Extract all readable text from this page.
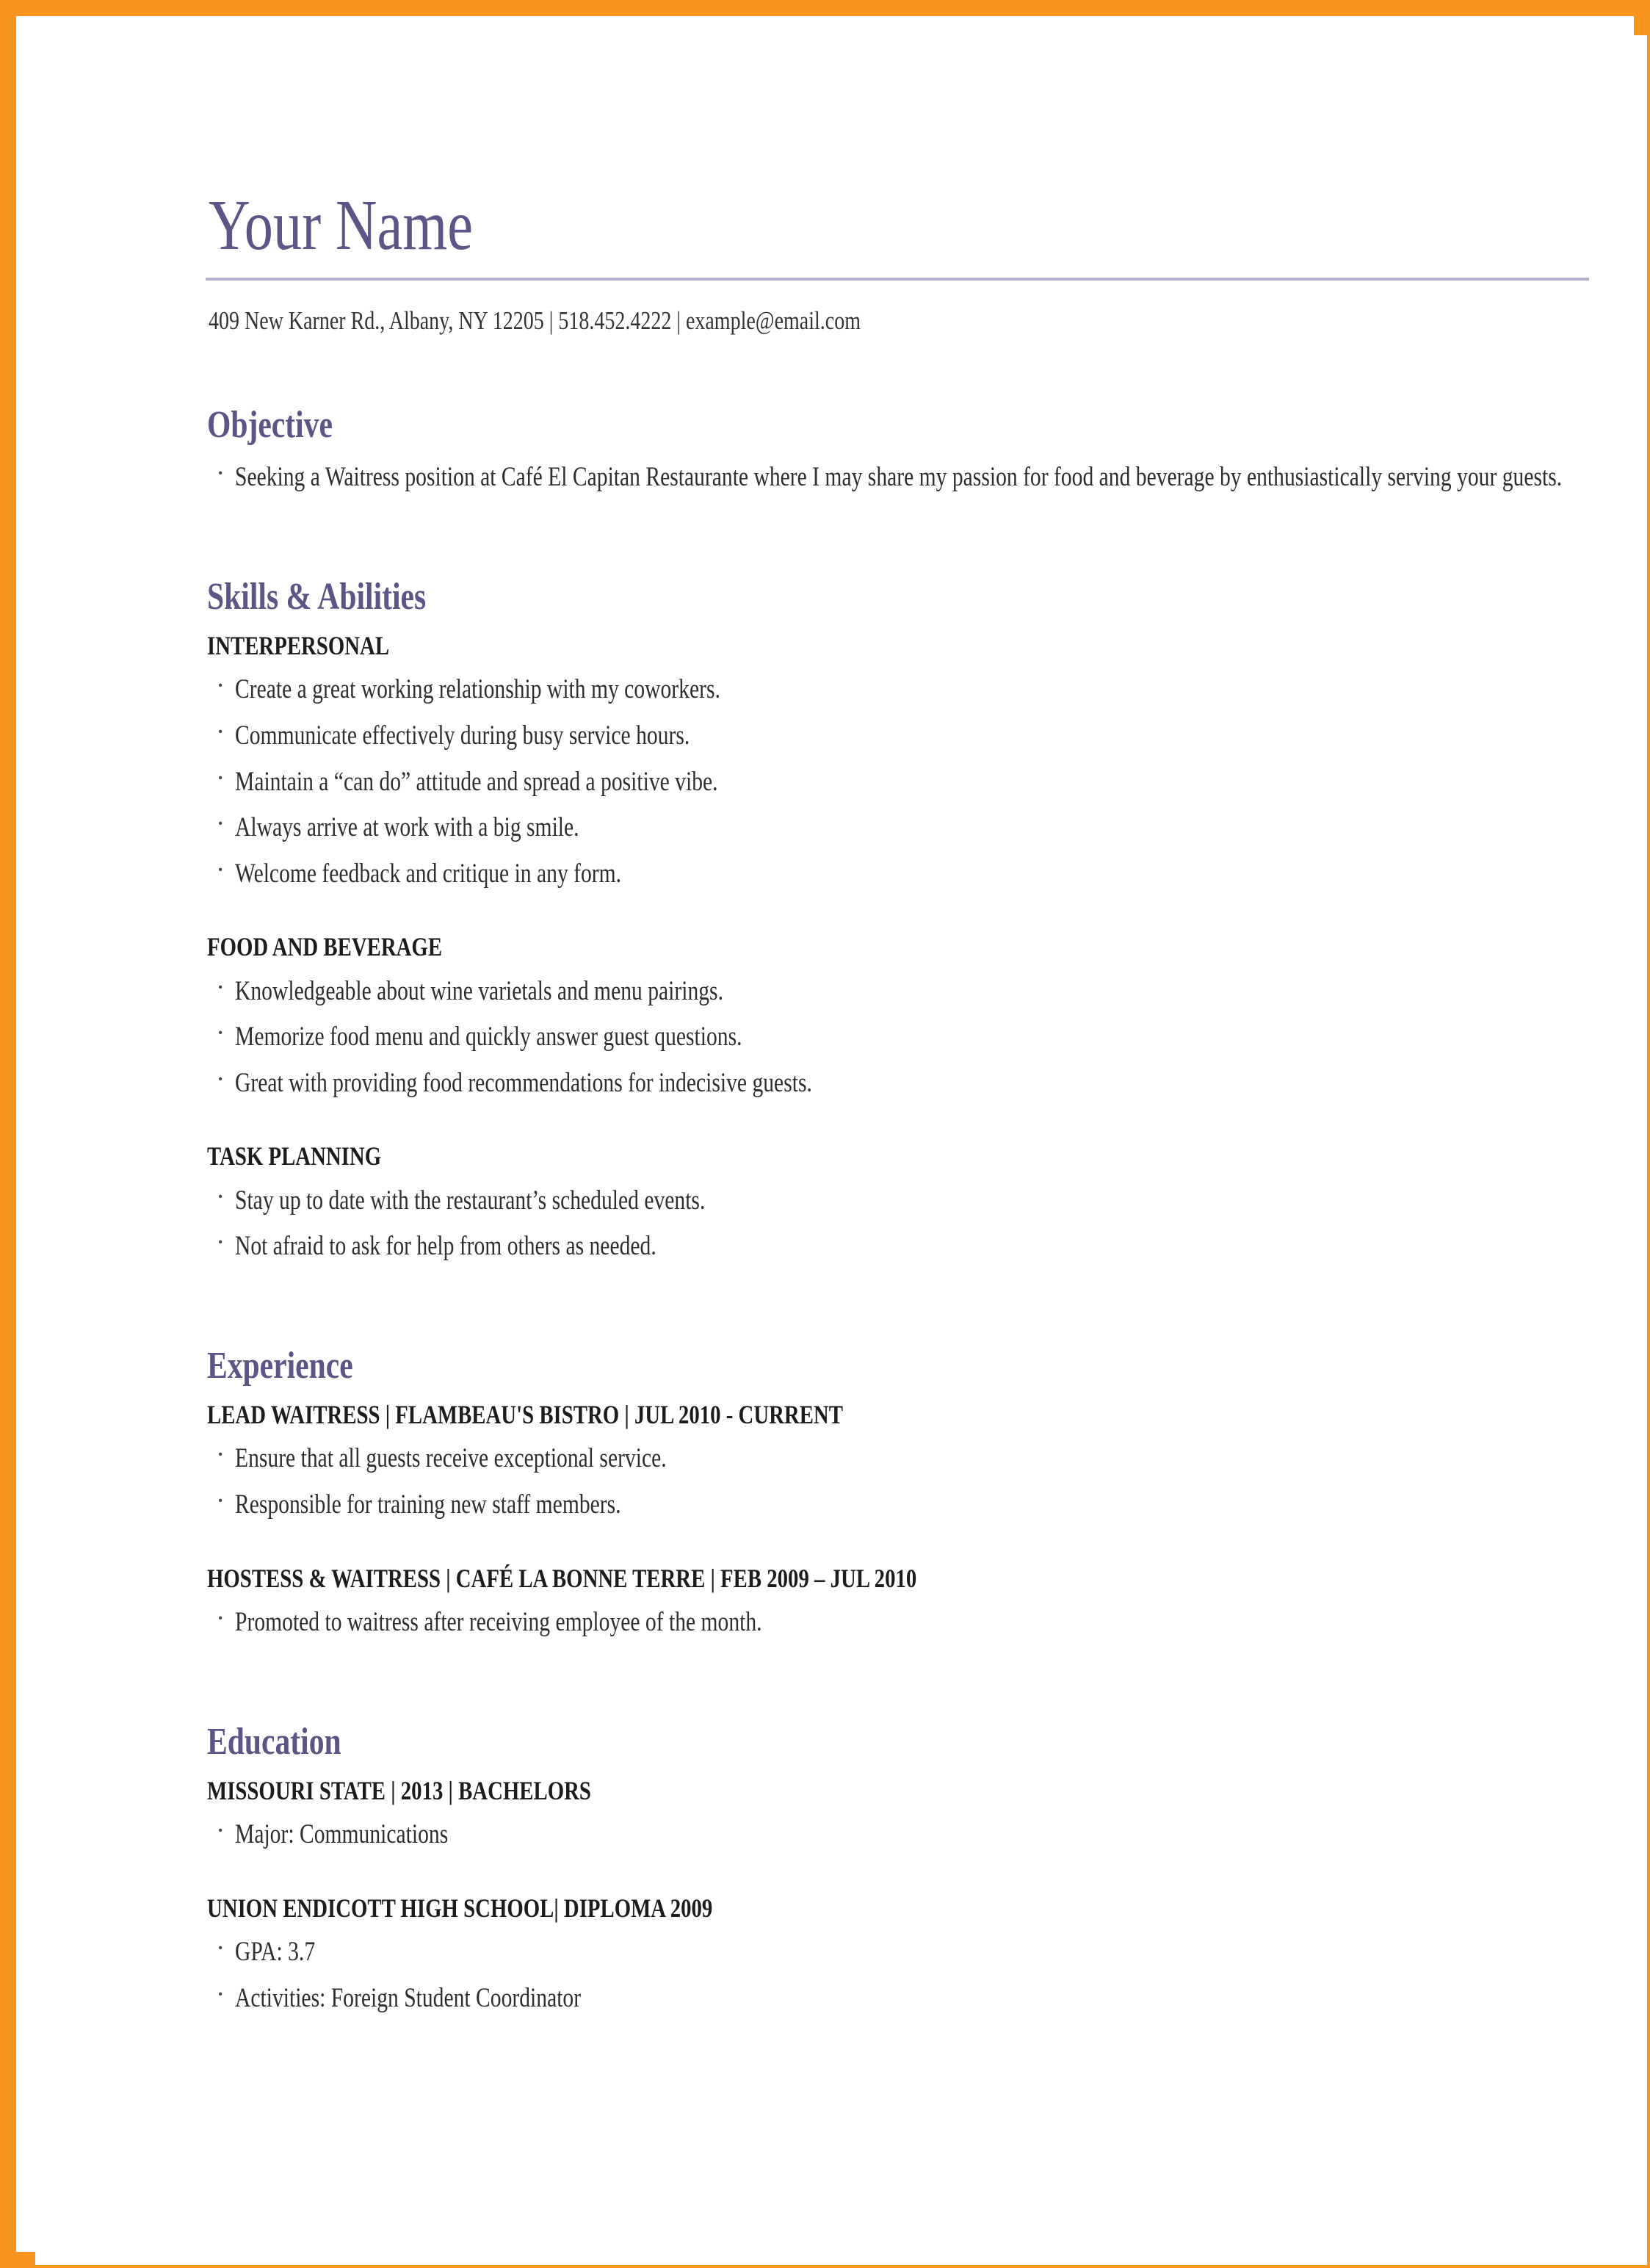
Your Name
409 New Karner Rd., Albany, NY 12205 | 518.452.4222 | example@email.com
Objective
· Seeking a Waitress position at Café El Capitan Restaurante where I may share my passion for food and beverage by enthusiastically serving your guests.
Skills & Abilities
INTERPERSONAL
· Create a great working relationship with my coworkers.
· Communicate effectively during busy service hours.
· Maintain a “can do” attitude and spread a positive vibe.
· Always arrive at work with a big smile.
· Welcome feedback and critique in any form.
FOOD AND BEVERAGE
· Knowledgeable about wine varietals and menu pairings.
· Memorize food menu and quickly answer guest questions.
· Great with providing food recommendations for indecisive guests.
TASK PLANNING
· Stay up to date with the restaurant’s scheduled events.
· Not afraid to ask for help from others as needed.
Experience
LEAD WAITRESS | FLAMBEAU'S BISTRO | JUL 2010 - CURRENT
· Ensure that all guests receive exceptional service.
· Responsible for training new staff members.
HOSTESS & WAITRESS | CAFÉ LA BONNE TERRE | FEB 2009 – JUL 2010
· Promoted to waitress after receiving employee of the month.
Education
MISSOURI STATE | 2013 | BACHELORS
· Major: Communications
UNION ENDICOTT HIGH SCHOOL| DIPLOMA 2009
· GPA: 3.7
· Activities: Foreign Student Coordinator
